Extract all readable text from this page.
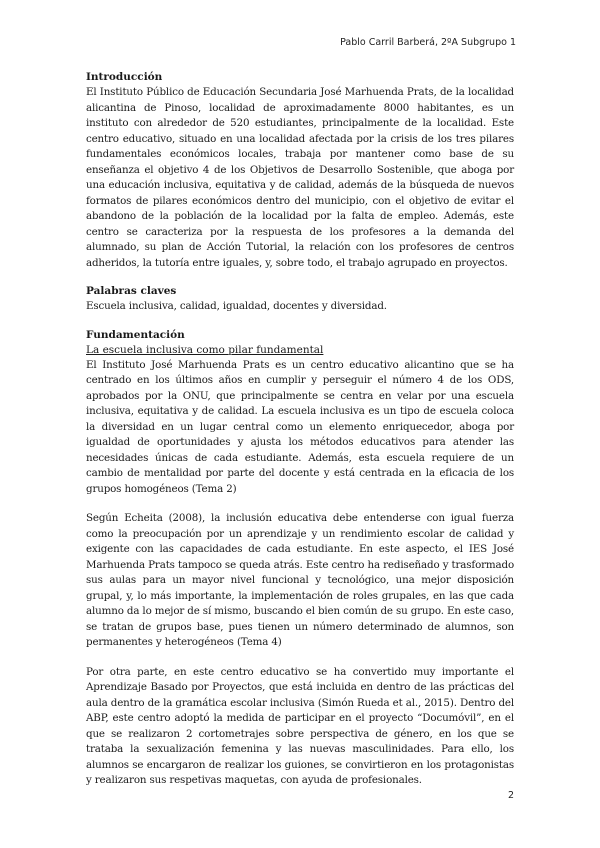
Pablo Carril Barberá, 2ºA Subgrupo 1
Introducción

El Instituto Público de Educación Secundaria José Marhuenda Prats, de la localidad alicantina de Pinoso, localidad de aproximadamente 8000 habitantes, es un instituto con alrededor de 520 estudiantes, principalmente de la localidad. Este centro educativo, situado en una localidad afectada por la crisis de los tres pilares fundamentales económicos locales, trabaja por mantener como base de su enseñanza el objetivo 4 de los Objetivos de Desarrollo Sostenible, que aboga por una educación inclusiva, equitativa y de calidad, además de la búsqueda de nuevos formatos de pilares económicos dentro del municipio, con el objetivo de evitar el abandono de la población de la localidad por la falta de empleo. Además, este centro se caracteriza por la respuesta de los profesores a la demanda del alumnado, su plan de Acción Tutorial, la relación con los profesores de centros adheridos, la tutoría entre iguales, y, sobre todo, el trabajo agrupado en proyectos.

Palabras claves

Escuela inclusiva, calidad, igualdad, docentes y diversidad.

Fundamentación
La escuela inclusiva como pilar fundamental

El Instituto José Marhuenda Prats es un centro educativo alicantino que se ha centrado en los últimos años en cumplir y perseguir el número 4 de los ODS, aprobados por la ONU, que principalmente se centra en velar por una escuela inclusiva, equitativa y de calidad. La escuela inclusiva es un tipo de escuela coloca la diversidad en un lugar central como un elemento enriquecedor, aboga por igualdad de oportunidades y ajusta los métodos educativos para atender las necesidades únicas de cada estudiante. Además, esta escuela requiere de un cambio de mentalidad por parte del docente y está centrada en la eficacia de los grupos homogéneos (Tema 2)

Según Echeita (2008), la inclusión educativa debe entenderse con igual fuerza como la preocupación por un aprendizaje y un rendimiento escolar de calidad y exigente con las capacidades de cada estudiante. En este aspecto, el IES José Marhuenda Prats tampoco se queda atrás. Este centro ha rediseñado y trasformado sus aulas para un mayor nivel funcional y tecnológico, una mejor disposición grupal, y, lo más importante, la implementación de roles grupales, en las que cada alumno da lo mejor de sí mismo, buscando el bien común de su grupo. En este caso, se tratan de grupos base, pues tienen un número determinado de alumnos, son permanentes y heterogéneos (Tema 4)

Por otra parte, en este centro educativo se ha convertido muy importante el Aprendizaje Basado por Proyectos, que está incluida en dentro de las prácticas del aula dentro de la gramática escolar inclusiva (Simón Rueda et al., 2015). Dentro del ABP, este centro adoptó la medida de participar en el proyecto “Documóvil”, en el que se realizaron 2 cortometrajes sobre perspectiva de género, en los que se trataba la sexualización femenina y las nuevas masculinidades. Para ello, los alumnos se encargaron de realizar los guiones, se convirtieron en los protagonistas y realizaron sus respetivas maquetas, con ayuda de profesionales.

2
